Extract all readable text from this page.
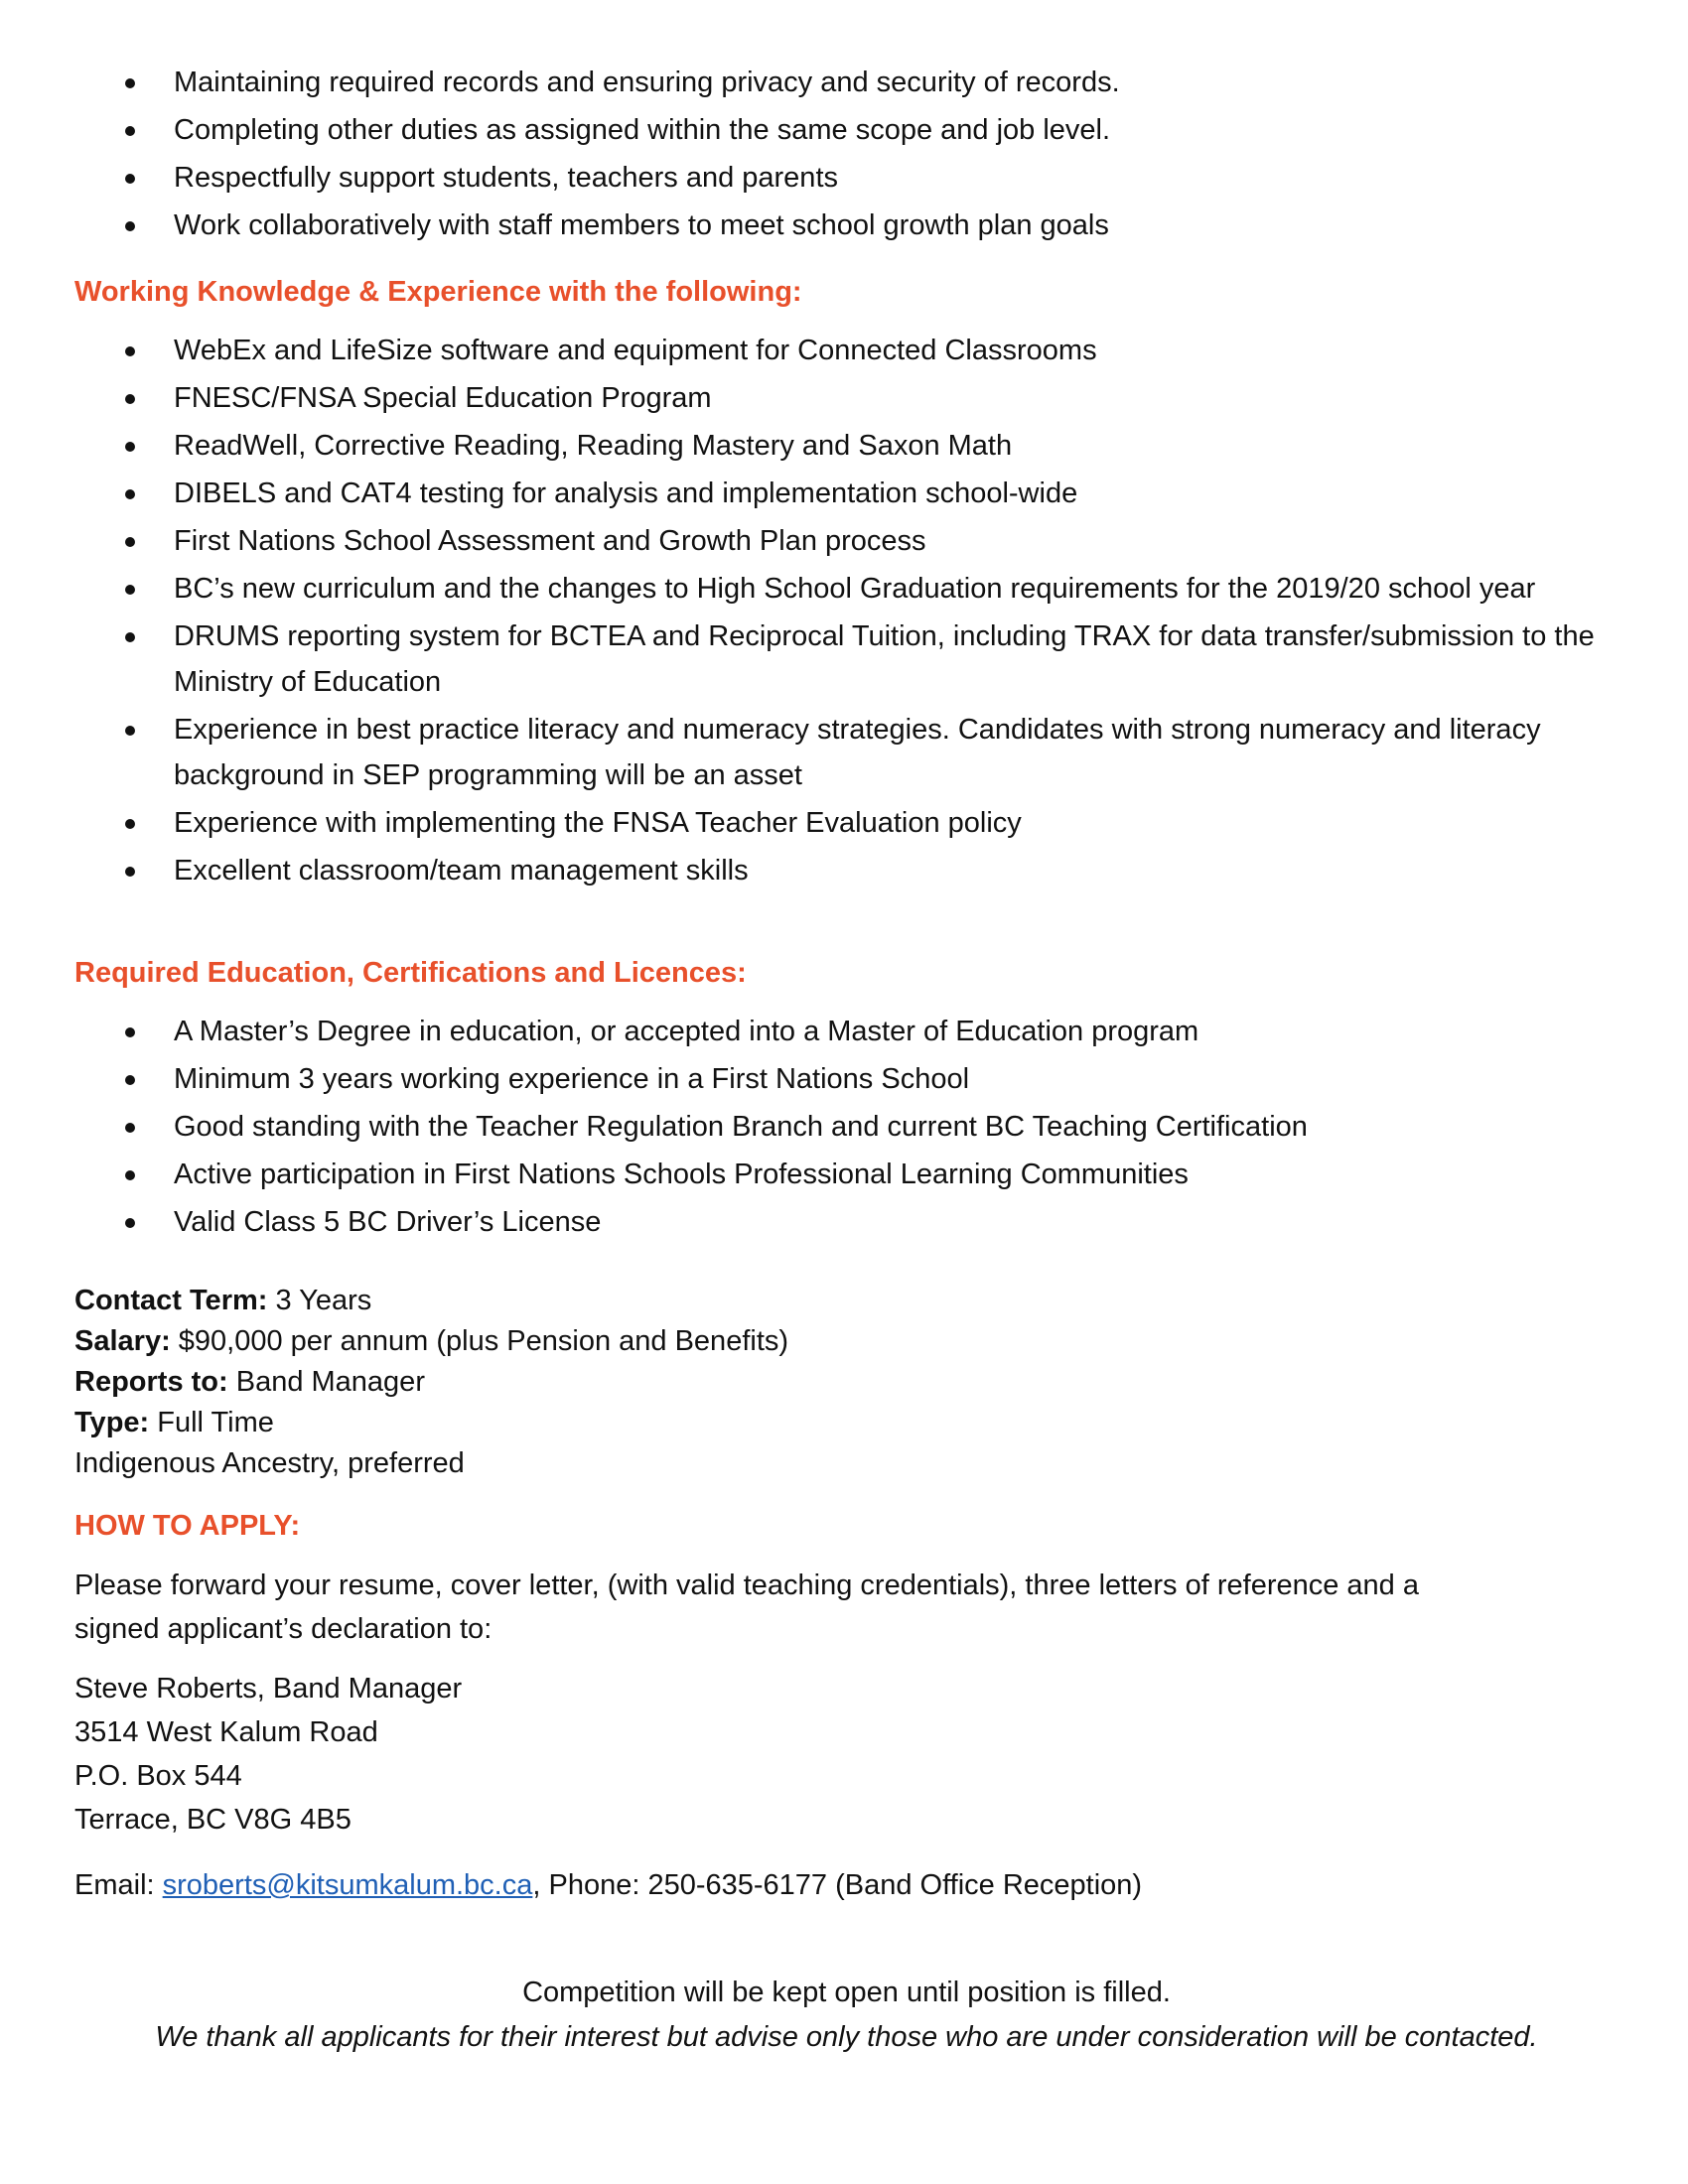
Maintaining required records and ensuring privacy and security of records.
Completing other duties as assigned within the same scope and job level.
Respectfully support students, teachers and parents
Work collaboratively with staff members to meet school growth plan goals
Working Knowledge & Experience with the following:
WebEx and LifeSize software and equipment for Connected Classrooms
FNESC/FNSA Special Education Program
ReadWell, Corrective Reading, Reading Mastery and Saxon Math
DIBELS and CAT4 testing for analysis and implementation school-wide
First Nations School Assessment and Growth Plan process
BC’s new curriculum and the changes to High School Graduation requirements for the 2019/20 school year
DRUMS reporting system for BCTEA and Reciprocal Tuition, including TRAX for data transfer/submission to the Ministry of Education
Experience in best practice literacy and numeracy strategies. Candidates with strong numeracy and literacy background in SEP programming will be an asset
Experience with implementing the FNSA Teacher Evaluation policy
Excellent classroom/team management skills
Required Education, Certifications and Licences:
A Master’s Degree in education, or accepted into a Master of Education program
Minimum 3 years working experience in a First Nations School
Good standing with the Teacher Regulation Branch and current BC Teaching Certification
Active participation in First Nations Schools Professional Learning Communities
Valid Class 5 BC Driver’s License
Contact Term: 3 Years
Salary: $90,000 per annum (plus Pension and Benefits)
Reports to: Band Manager
Type: Full Time
Indigenous Ancestry, preferred
HOW TO APPLY:
Please forward your resume, cover letter, (with valid teaching credentials), three letters of reference and a
signed applicant’s declaration to:
Steve Roberts, Band Manager
3514 West Kalum Road
P.O. Box 544
Terrace, BC V8G 4B5
Email: sroberts@kitsumkalum.bc.ca, Phone: 250-635-6177 (Band Office Reception)
Competition will be kept open until position is filled.
We thank all applicants for their interest but advise only those who are under consideration will be contacted.
